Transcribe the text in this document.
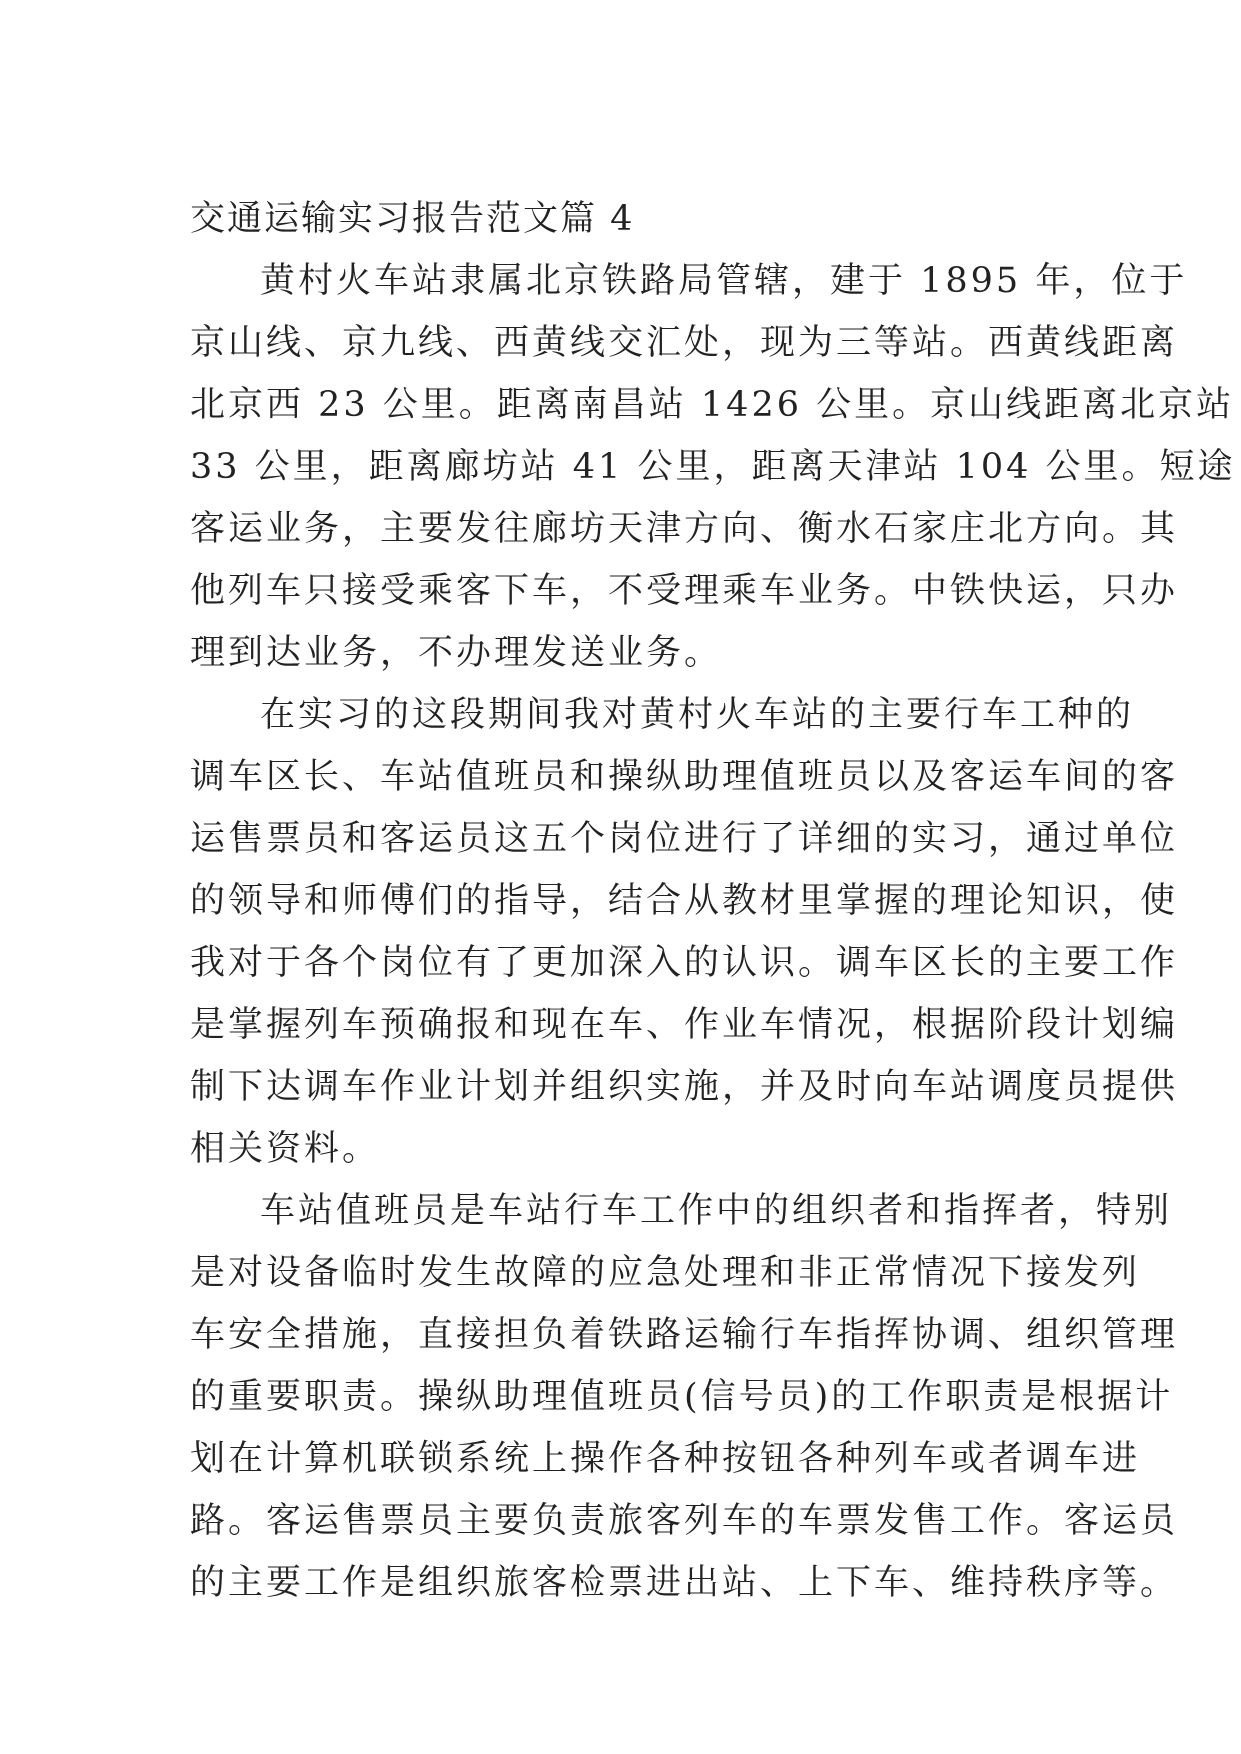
交通运输实习报告范文篇 4

黄村火车站隶属北京铁路局管辖，建于 1895 年，位于
京山线、京九线、西黄线交汇处，现为三等站。西黄线距离
北京西 23 公里。距离南昌站 1426 公里。京山线距离北京站
33 公里，距离廊坊站 41 公里，距离天津站 104 公里。短途
客运业务，主要发往廊坊天津方向、衡水石家庄北方向。其
他列车只接受乘客下车，不受理乘车业务。中铁快运，只办
理到达业务，不办理发送业务。

在实习的这段期间我对黄村火车站的主要行车工种的
调车区长、车站值班员和操纵助理值班员以及客运车间的客
运售票员和客运员这五个岗位进行了详细的实习，通过单位
的领导和师傅们的指导，结合从教材里掌握的理论知识，使
我对于各个岗位有了更加深入的认识。调车区长的主要工作
是掌握列车预确报和现在车、作业车情况，根据阶段计划编
制下达调车作业计划并组织实施，并及时向车站调度员提供
相关资料。

车站值班员是车站行车工作中的组织者和指挥者，特别
是对设备临时发生故障的应急处理和非正常情况下接发列
车安全措施，直接担负着铁路运输行车指挥协调、组织管理
的重要职责。操纵助理值班员(信号员)的工作职责是根据计
划在计算机联锁系统上操作各种按钮各种列车或者调车进
路。客运售票员主要负责旅客列车的车票发售工作。客运员
的主要工作是组织旅客检票进出站、上下车、维持秩序等。
